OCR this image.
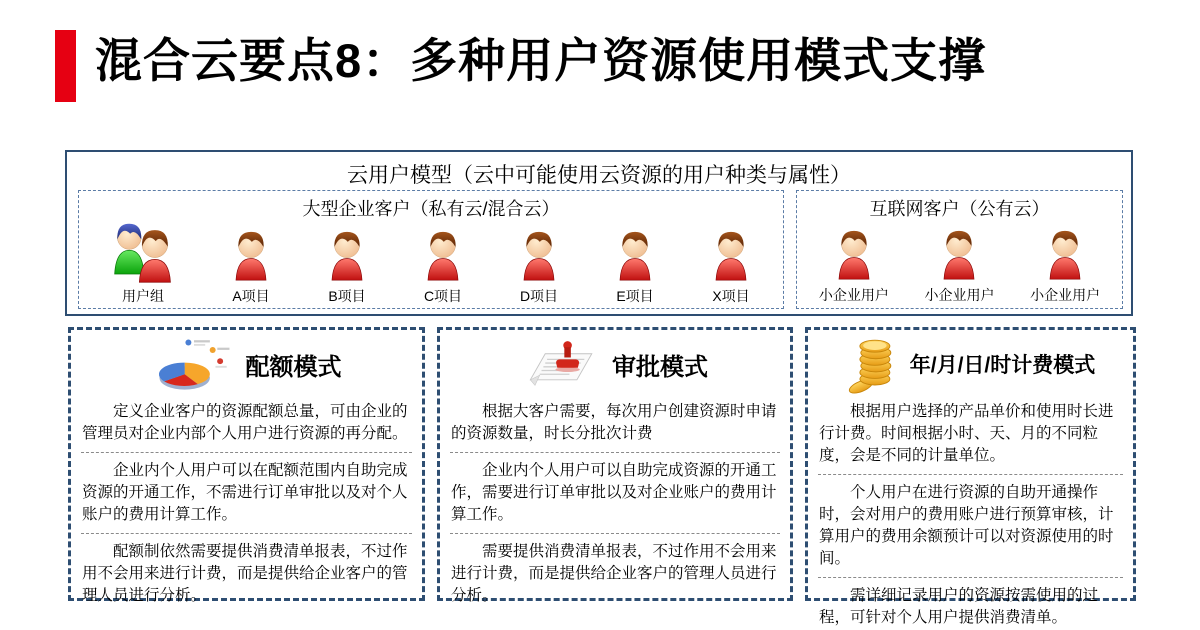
混合云要点8：多种用户资源使用模式支撑
云用户模型（云中可能使用云资源的用户种类与属性）
大型企业客户（私有云/混合云）
用户组	A项目	B项目	C项目	D项目	E项目	X项目
互联网客户（公有云）
小企业用户	小企业用户	小企业用户
配额模式

定义企业客户的资源配额总量，可由企业的管理员对企业内部个人用户进行资源的再分配。

企业内个人用户可以在配额范围内自助完成资源的开通工作，不需进行订单审批以及对个人账户的费用计算工作。

配额制依然需要提供消费清单报表，不过作用不会用来进行计费，而是提供给企业客户的管理人员进行分析。

审批模式

根据大客户需要，每次用户创建资源时申请的资源数量，时长分批次计费

企业内个人用户可以自助完成资源的开通工作，需要进行订单审批以及对企业账户的费用计算工作。

需要提供消费清单报表，不过作用不会用来进行计费，而是提供给企业客户的管理人员进行分析。

年/月/日/时计费模式

根据用户选择的产品单价和使用时长进行计费。时间根据小时、天、月的不同粒度，会是不同的计量单位。

个人用户在进行资源的自助开通操作时，会对用户的费用账户进行预算审核，计算用户的费用余额预计可以对资源使用的时间。

需详细记录用户的资源按需使用的过程，可针对个人用户提供消费清单。
